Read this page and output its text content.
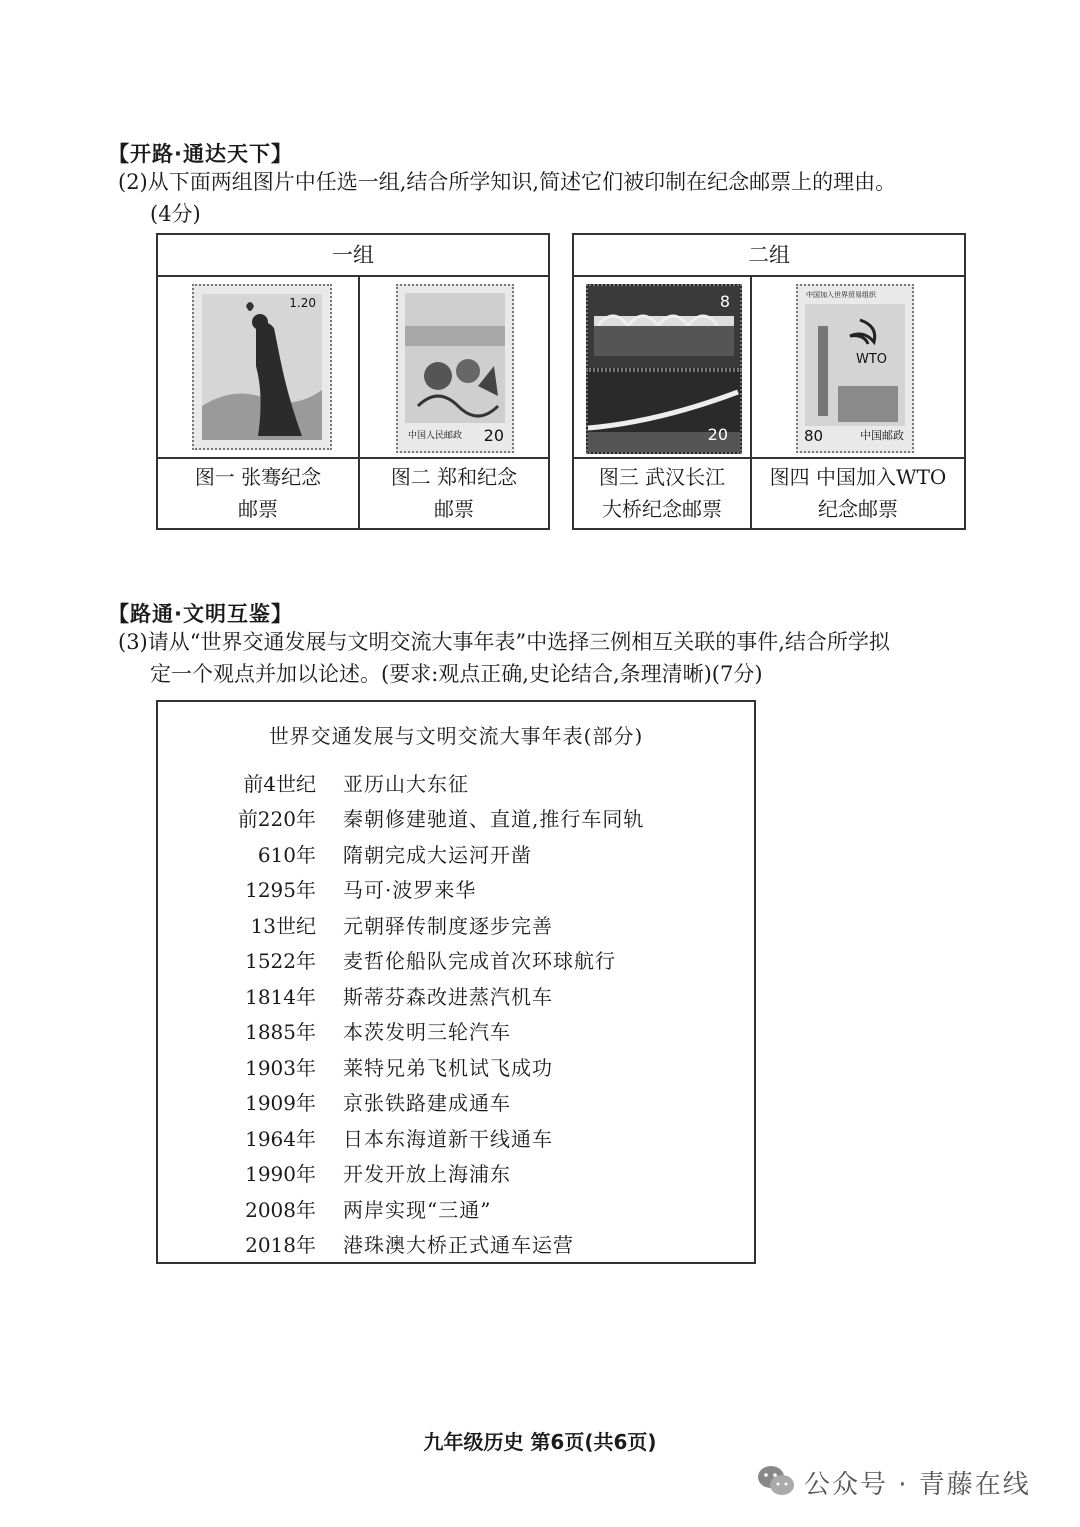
【开路·通达天下】
(2)从下面两组图片中任选一组,结合所学知识,简述它们被印制在纪念邮票上的理由。
(4分)
一组
1.20
中国人民邮政 20
图一 张骞纪念
邮票
图二 郑和纪念
邮票
二组
8
20
中国加入世界贸易组织
WTO
80	中国邮政
图三 武汉长江
大桥纪念邮票
图四 中国加入WTO
纪念邮票
【路通·文明互鉴】
(3)请从“世界交通发展与文明交流大事年表”中选择三例相互关联的事件,结合所学拟
定一个观点并加以论述。(要求:观点正确,史论结合,条理清晰)(7分)
世界交通发展与文明交流大事年表(部分)
前4世纪 亚历山大东征
前220年 秦朝修建驰道、直道,推行车同轨
610年 隋朝完成大运河开凿
1295年 马可·波罗来华
13世纪 元朝驿传制度逐步完善
1522年 麦哲伦船队完成首次环球航行
1814年 斯蒂芬森改进蒸汽机车
1885年 本茨发明三轮汽车
1903年 莱特兄弟飞机试飞成功
1909年 京张铁路建成通车
1964年 日本东海道新干线通车
1990年 开发开放上海浦东
2008年 两岸实现“三通”
2018年 港珠澳大桥正式通车运营
九年级历史 第6页(共6页)
公众号 · 青藤在线
